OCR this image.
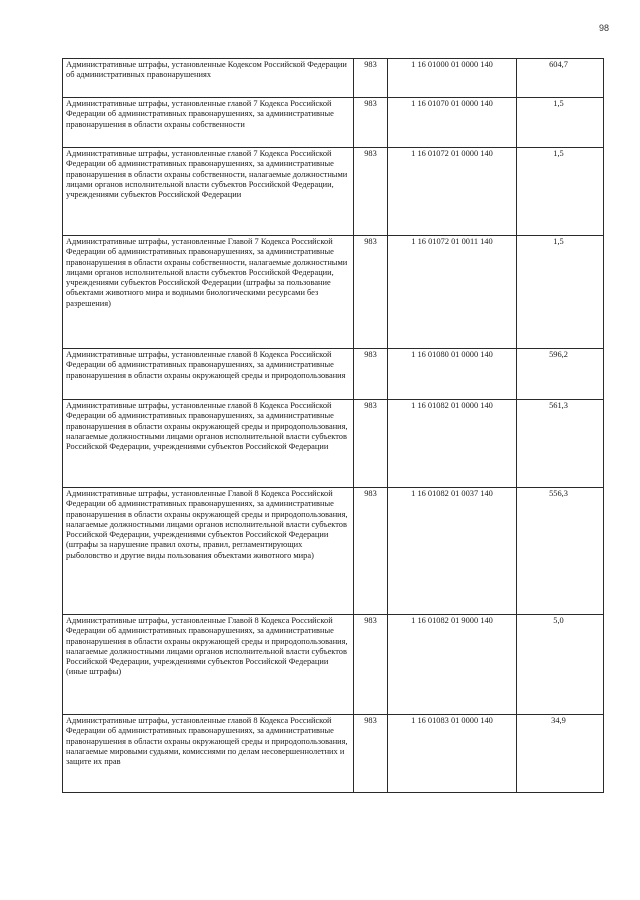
98
Административные штрафы, установленные Кодексом Российской Федерации об административных правонарушениях	983	1 16 01000 01 0000 140	604,7
Административные штрафы, установленные главой 7 Кодекса Российской Федерации об административных правонарушениях, за административные правонарушения в области охраны собственности	983	1 16 01070 01 0000 140	1,5
Административные штрафы, установленные главой 7 Кодекса Российской Федерации об административных правонарушениях, за административные правонарушения в области охраны собственности, налагаемые должностными лицами органов исполнительной власти субъектов Российской Федерации, учреждениями субъектов Российской Федерации	983	1 16 01072 01 0000 140	1,5
Административные штрафы, установленные Главой 7 Кодекса Российской Федерации об административных правонарушениях, за административные правонарушения в области охраны собственности, налагаемые должностными лицами органов исполнительной власти субъектов Российской Федерации, учреждениями субъектов Российской Федерации (штрафы за пользование объектами животного мира и водными биологическими ресурсами без разрешения)	983	1 16 01072 01 0011 140	1,5
Административные штрафы, установленные главой 8 Кодекса Российской Федерации об административных правонарушениях, за административные правонарушения в области охраны окружающей среды и природопользования	983	1 16 01080 01 0000 140	596,2
Административные штрафы, установленные главой 8 Кодекса Российской Федерации об административных правонарушениях, за административные правонарушения в области охраны окружающей среды и природопользования, налагаемые должностными лицами органов исполнительной власти субъектов Российской Федерации, учреждениями субъектов Российской Федерации	983	1 16 01082 01 0000 140	561,3
Административные штрафы, установленные Главой 8 Кодекса Российской Федерации об административных правонарушениях, за административные правонарушения в области охраны окружающей среды и природопользования, налагаемые должностными лицами органов исполнительной власти субъектов Российской Федерации, учреждениями субъектов Российской Федерации (штрафы за нарушение правил охоты, правил, регламентирующих рыболовство и другие виды пользования объектами животного мира)	983	1 16 01082 01 0037 140	556,3
Административные штрафы, установленные Главой 8 Кодекса Российской Федерации об административных правонарушениях, за административные правонарушения в области охраны окружающей среды и природопользования, налагаемые должностными лицами органов исполнительной власти субъектов Российской Федерации, учреждениями субъектов Российской Федерации (иные штрафы)	983	1 16 01082 01 9000 140	5,0
Административные штрафы, установленные главой 8 Кодекса Российской Федерации об административных правонарушениях, за административные правонарушения в области охраны окружающей среды и природопользования, налагаемые мировыми судьями, комиссиями по делам несовершеннолетних и защите их прав	983	1 16 01083 01 0000 140	34,9
